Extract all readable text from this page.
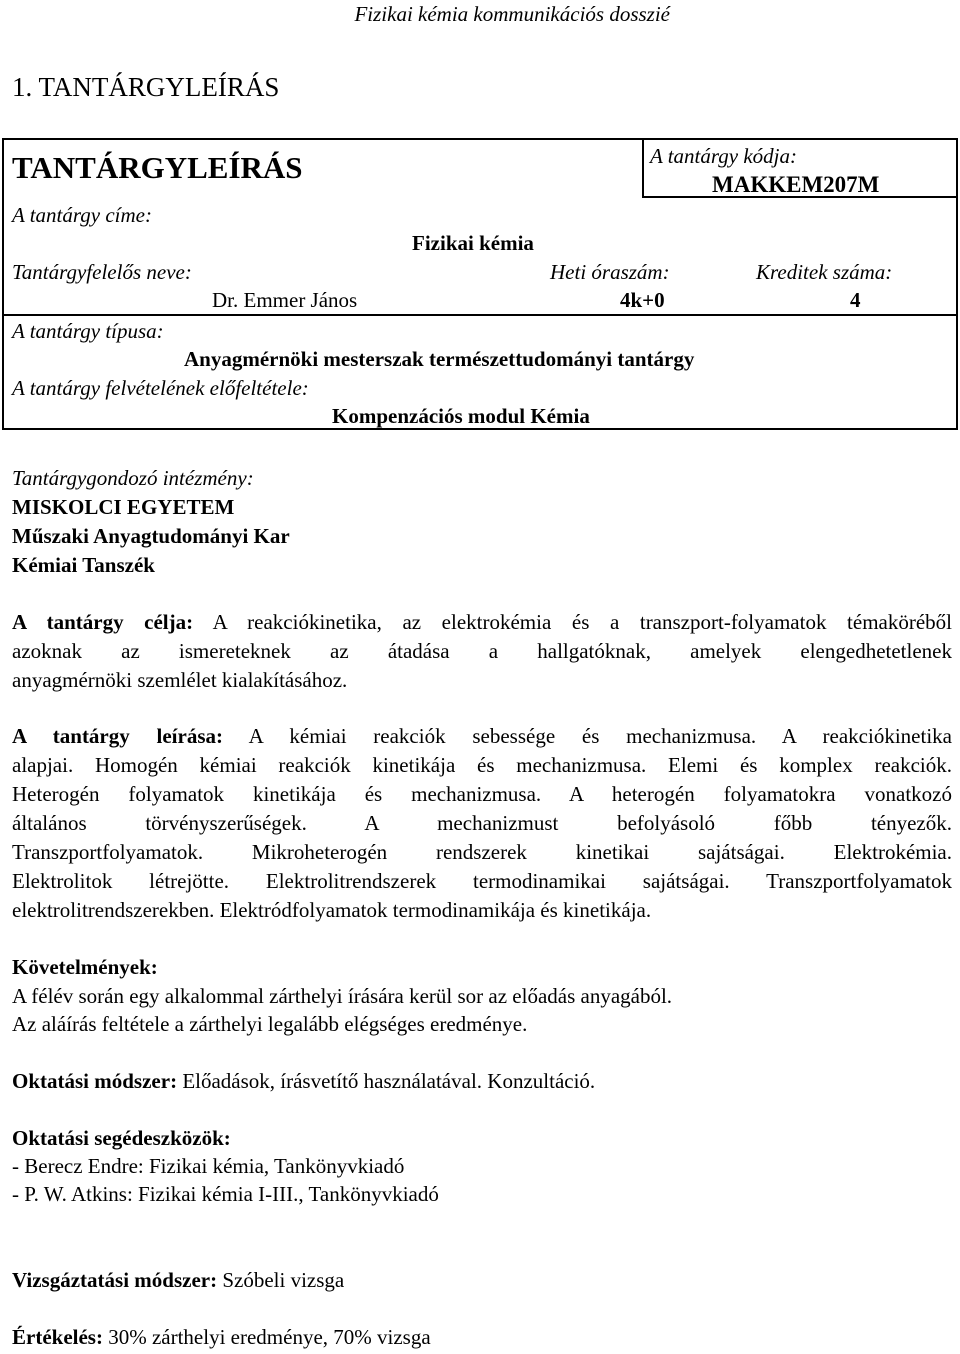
Fizikai kémia kommunikációs dosszié
1. TANTÁRGYLEÍRÁS
TANTÁRGYLEÍRÁS	A tantárgy kódja:
MAKKEM207M
A tantárgy címe:
Fizikai kémia
Tantárgyfelelős neve:
Dr. Emmer János
Heti óraszám:
4k+0
Kreditek száma:
4
A tantárgy típusa:
Anyagmérnöki mesterszak természettudományi tantárgy
A tantárgy felvételének előfeltétele:
Kompenzációs modul Kémia
Tantárgygondozó intézmény:
MISKOLCI EGYETEM
Műszaki Anyagtudományi Kar
Kémiai Tanszék

A tantárgy célja: A reakciókinetika, az elektrokémia és a transzport-folyamatok témaköréből

azoknak az ismereteknek az átadása a hallgatóknak, amelyek elengedhetetlenek

anyagmérnöki szemlélet kialakításához.

A tantárgy leírása: A kémiai reakciók sebessége és mechanizmusa. A reakciókinetika

alapjai. Homogén kémiai reakciók kinetikája és mechanizmusa. Elemi és komplex reakciók.

Heterogén folyamatok kinetikája és mechanizmusa. A heterogén folyamatokra vonatkozó

általános törvényszerűségek. A mechanizmust befolyásoló főbb tényezők.

Transzportfolyamatok. Mikroheterogén rendszerek kinetikai sajátságai. Elektrokémia.

Elektrolitok létrejötte. Elektrolitrendszerek termodinamikai sajátságai. Transzportfolyamatok

elektrolitrendszerekben. Elektródfolyamatok termodinamikája és kinetikája.

Követelmények:
A félév során egy alkalommal zárthelyi írására kerül sor az előadás anyagából.
Az aláírás feltétele a zárthelyi legalább elégséges eredménye.
Oktatási módszer: Előadások, írásvetítő használatával. Konzultáció.
Oktatási segédeszközök:
- Berecz Endre: Fizikai kémia, Tankönyvkiadó
- P. W. Atkins: Fizikai kémia I-III., Tankönyvkiadó
Vizsgáztatási módszer: Szóbeli vizsga
Értékelés: 30% zárthelyi eredménye, 70% vizsga
